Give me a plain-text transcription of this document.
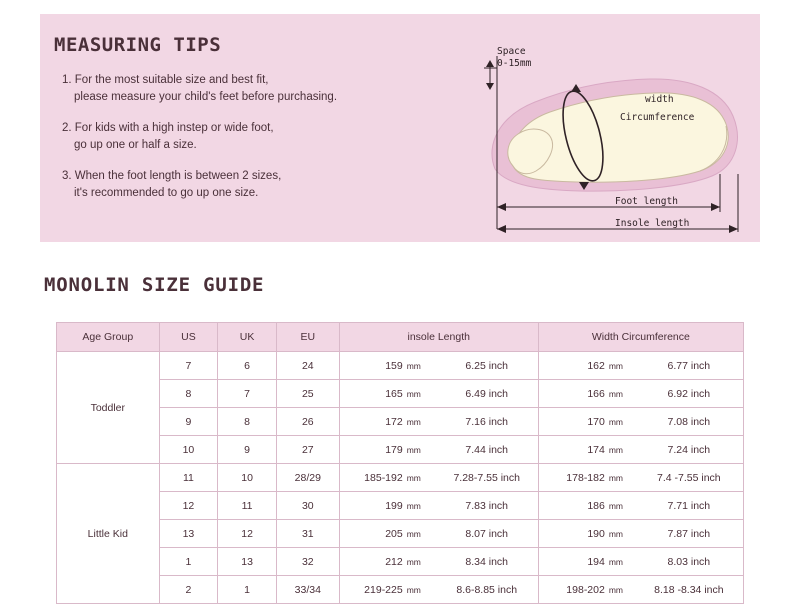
MEASURING TIPS
1. For the most suitable size and best fit,
please measure your child's feet before purchasing.
2. For kids with a high instep or wide foot,
go up one or half a size.
3. When the foot length is between 2 sizes,
it's recommended to go up one size.
Space
0-15mm
width
Circumference
Foot length
Insole length
MONOLIN SIZE GUIDE
Age Group	US	UK	EU	insole Length	Width Circumference
Toddler	7	6	24	159 mm 6.25 inch	162 mm 6.77 inch

	8	7	25	165 mm 6.49 inch	166 mm 6.92 inch

	9	8	26	172 mm 7.16 inch	170 mm 7.08 inch

	10	9	27	179 mm 7.44 inch	174 mm 7.24 inch

Little Kid	11	10	28/29	185-192 mm 7.28-7.55 inch	178-182 mm 7.4 -7.55 inch

	12	11	30	199 mm 7.83 inch	186 mm 7.71 inch

	13	12	31	205 mm 8.07 inch	190 mm 7.87 inch

	1	13	32	212 mm 8.34 inch	194 mm 8.03 inch

	2	1	33/34	219-225 mm 8.6-8.85 inch	198-202 mm 8.18 -8.34 inch
